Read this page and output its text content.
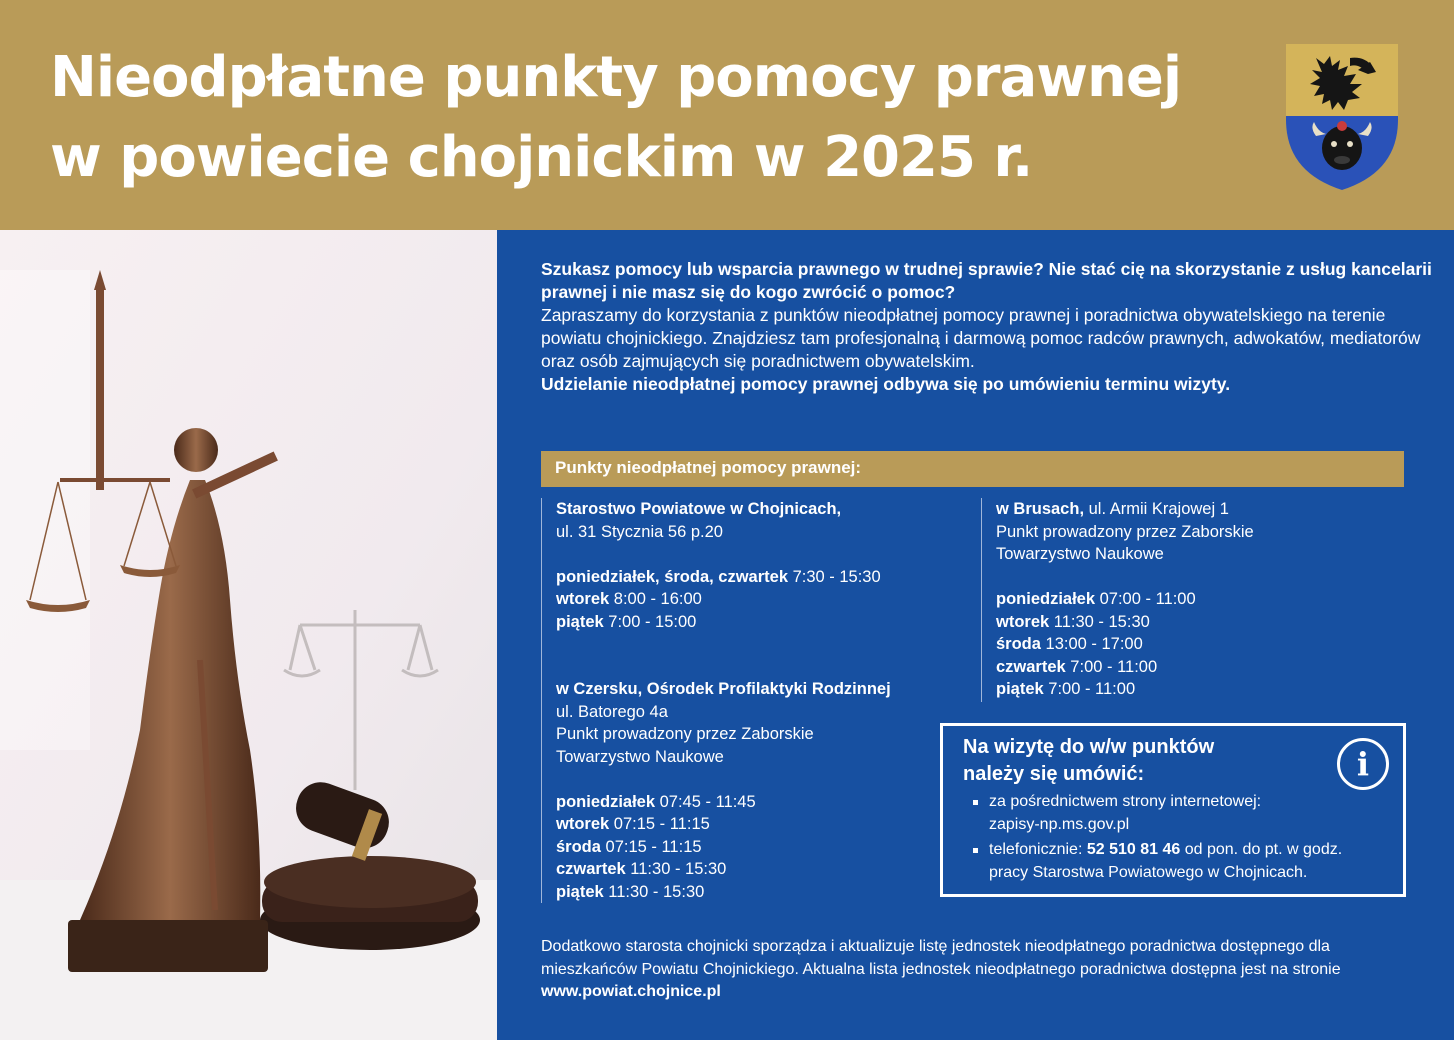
Nieodpłatne punkty pomocy prawnej
w powiecie chojnickim w 2025 r.

Szukasz pomocy lub wsparcia prawnego w trudnej sprawie? Nie stać cię na skorzystanie z usług kancelarii prawnej i nie masz się do kogo zwrócić o pomoc?

Zapraszamy do korzystania z punktów nieodpłatnej pomocy prawnej i poradnictwa obywatelskiego na terenie powiatu chojnickiego. Znajdziesz tam profesjonalną i darmową pomoc radców prawnych, adwokatów, mediatorów oraz osób zajmujących się poradnictwem obywatelskim.

Udzielanie nieodpłatnej pomocy prawnej odbywa się po umówieniu terminu wizyty.

Punkty nieodpłatnej pomocy prawnej:

Starostwo Powiatowe w Chojnicach,

ul. 31 Stycznia 56 p.20

poniedziałek, środa, czwartek 7:30 - 15:30

wtorek 8:00 - 16:00

piątek 7:00 - 15:00

w Czersku, Ośrodek Profilaktyki Rodzinnej

ul. Batorego 4a

Punkt prowadzony przez Zaborskie

Towarzystwo Naukowe

poniedziałek 07:45 - 11:45

wtorek 07:15 - 11:15

środa 07:15 - 11:15

czwartek 11:30 - 15:30

piątek 11:30 - 15:30

w Brusach, ul. Armii Krajowej 1

Punkt prowadzony przez Zaborskie

Towarzystwo Naukowe

poniedziałek 07:00 - 11:00

wtorek 11:30 - 15:30

środa 13:00 - 17:00

czwartek 7:00 - 11:00

piątek 7:00 - 11:00

Na wizytę do w/w punktów
należy się umówić:	i
za pośrednictwem strony internetowej:
zapisy-np.ms.gov.pl
telefonicznie: 52 510 81 46 od pon. do pt. w godz.
pracy Starostwa Powiatowego w Chojnicach.

Dodatkowo starosta chojnicki sporządza i aktualizuje listę jednostek nieodpłatnego poradnictwa dostępnego dla mieszkańców Powiatu Chojnickiego. Aktualna lista jednostek nieodpłatnego poradnictwa dostępna jest na stronie www.powiat.chojnice.pl
